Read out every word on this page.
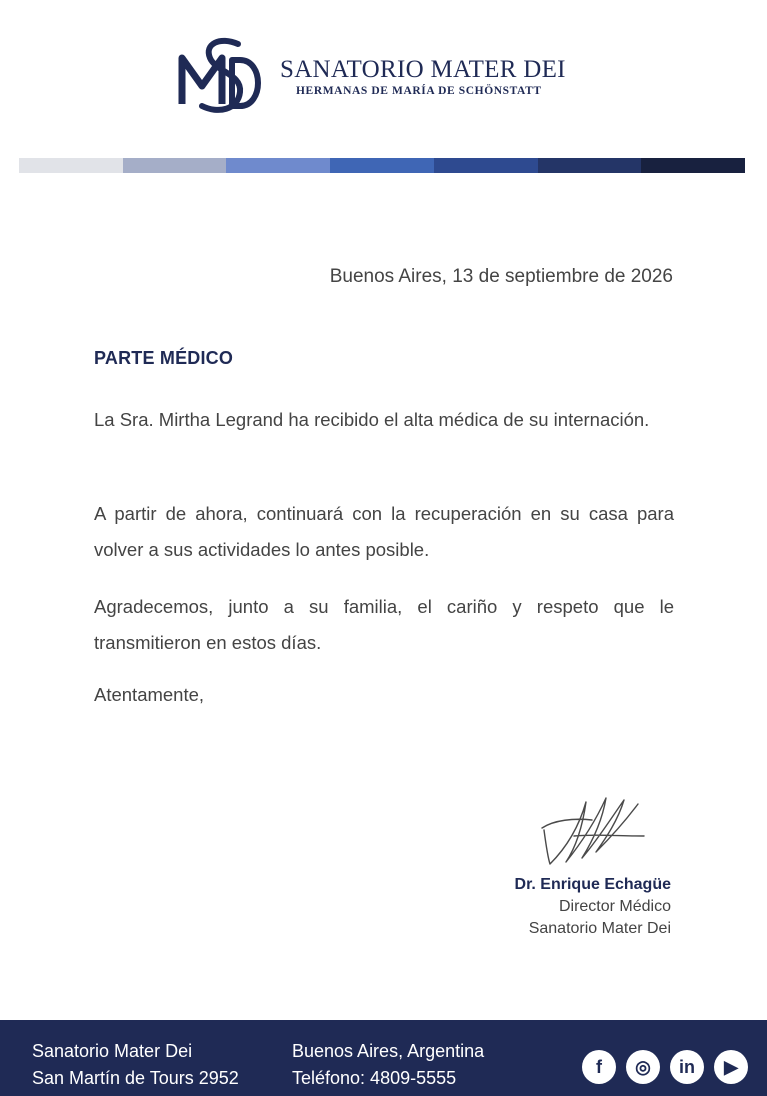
SANATORIO MATER DEI
HERMANAS DE MARÍA DE SCHÖNSTATT
Buenos Aires, 13 de septiembre de 2026
PARTE MÉDICO

La Sra. Mirtha Legrand ha recibido el alta médica de su internación.

A partir de ahora, continuará con la recuperación en su casa para volver a sus actividades lo antes posible.

Agradecemos, junto a su familia, el cariño y respeto que le transmitieron en estos días.

Atentamente,
Dr. Enrique Echagüe
Director Médico
Sanatorio Mater Dei
Sanatorio Mater Dei
San Martín de Tours 2952
Buenos Aires, Argentina
Teléfono: 4809-5555
f	◎	in	▶
